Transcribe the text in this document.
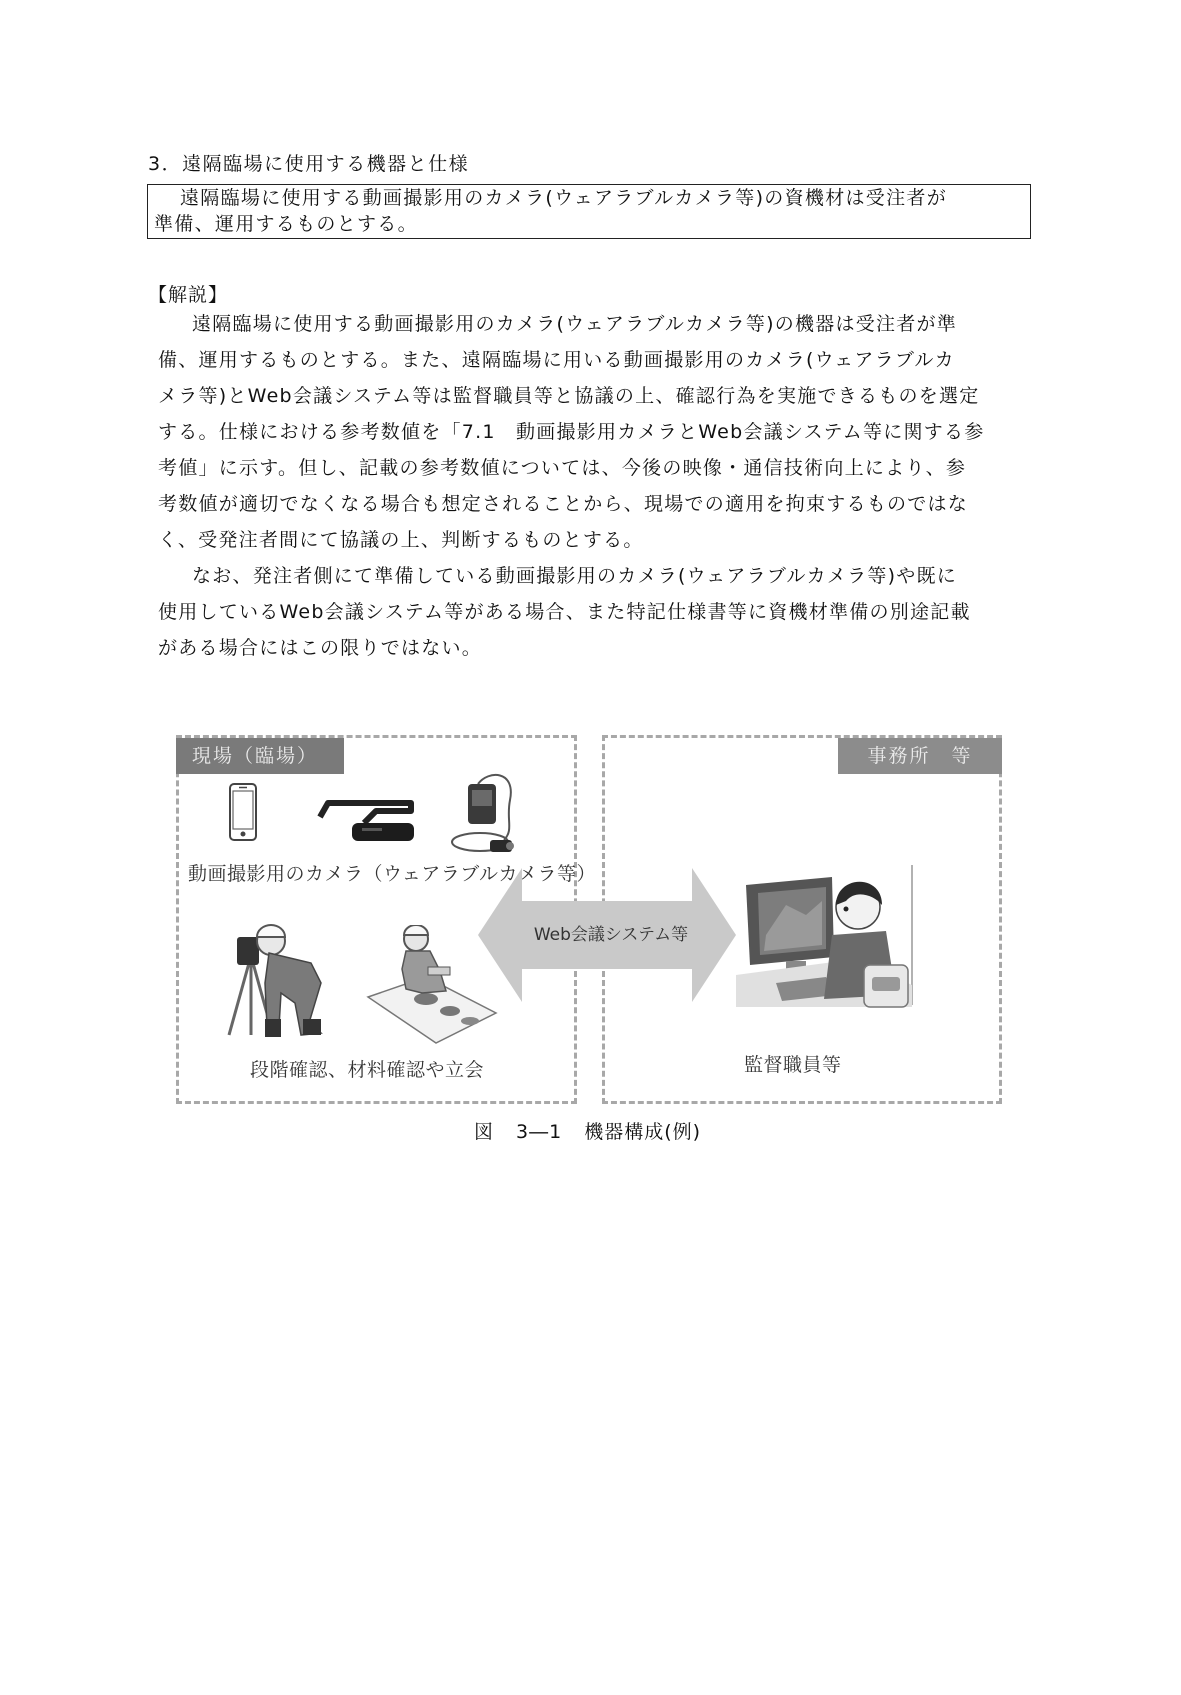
3．遠隔臨場に使用する機器と仕様
遠隔臨場に使用する動画撮影用のカメラ(ウェアラブルカメラ等)の資機材は受注者が
準備、運用するものとする。
【解説】
遠隔臨場に使用する動画撮影用のカメラ(ウェアラブルカメラ等)の機器は受注者が準
備、運用するものとする。また、遠隔臨場に用いる動画撮影用のカメラ(ウェアラブルカ
メラ等)とWeb会議システム等は監督職員等と協議の上、確認行為を実施できるものを選定
する。仕様における参考数値を「7.1　動画撮影用カメラとWeb会議システム等に関する参
考値」に示す。但し、記載の参考数値については、今後の映像・通信技術向上により、参
考数値が適切でなくなる場合も想定されることから、現場での適用を拘束するものではな
く、受発注者間にて協議の上、判断するものとする。
なお、発注者側にて準備している動画撮影用のカメラ(ウェアラブルカメラ等)や既に
使用しているWeb会議システム等がある場合、また特記仕様書等に資機材準備の別途記載
がある場合にはこの限りではない。
現場（臨場）
動画撮影用のカメラ（ウェアラブルカメラ等）
段階確認、材料確認や立会
事務所　等
監督職員等
Web会議システム等
図 3―1 機器構成(例)
